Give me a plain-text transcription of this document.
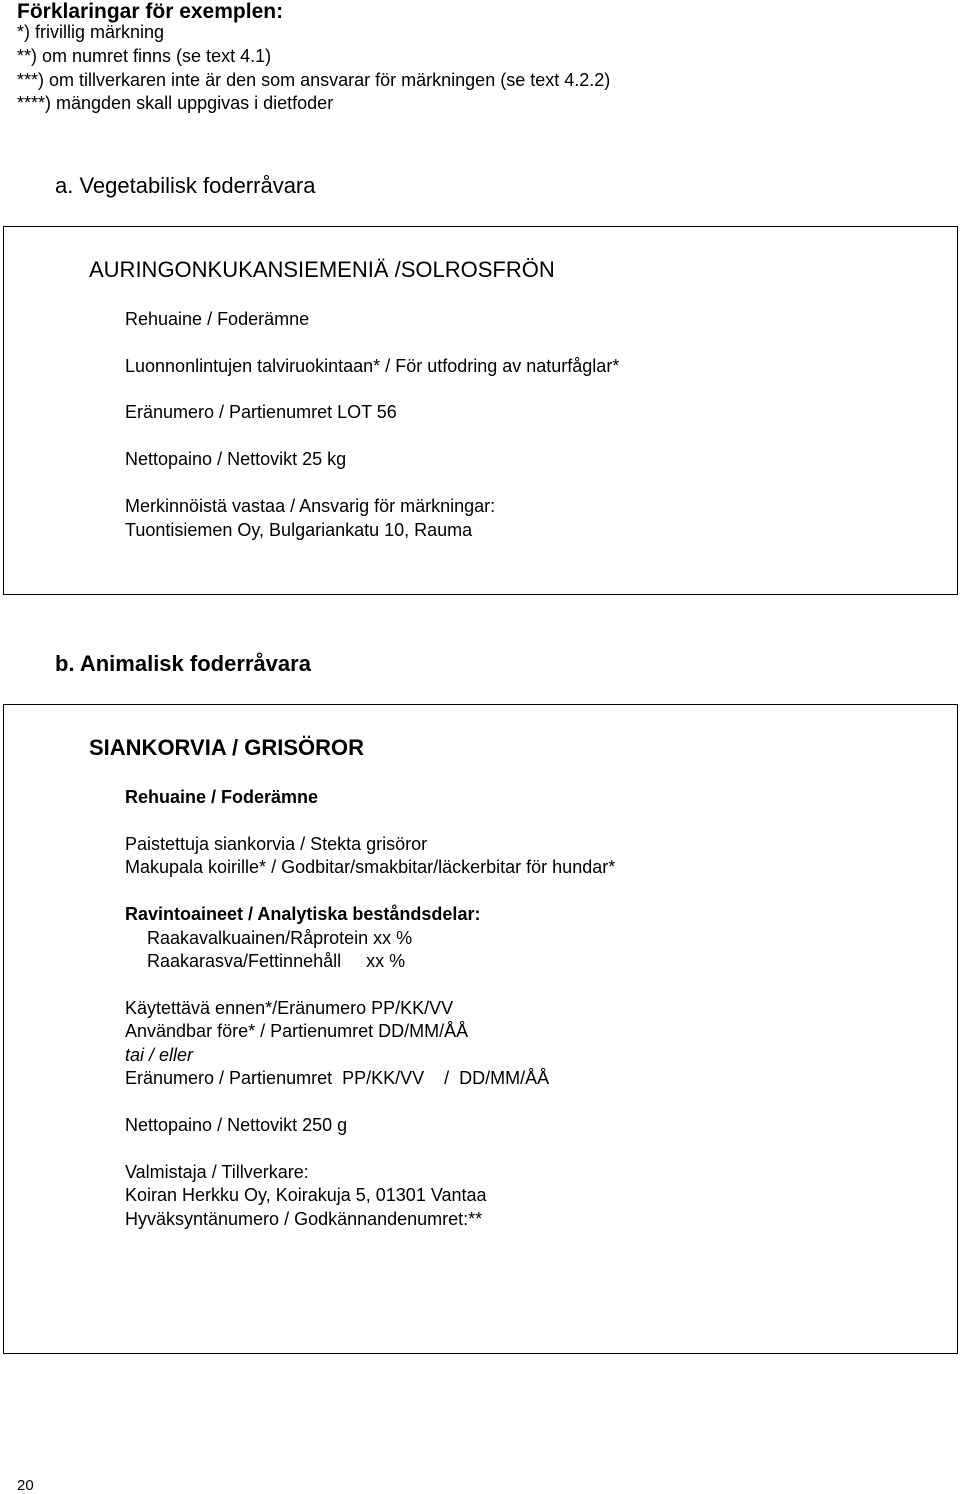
Förklaringar för exemplen:
*) frivillig märkning
**) om numret finns (se text 4.1)
***) om tillverkaren inte är den som ansvarar för märkningen (se text 4.2.2)
****) mängden skall uppgivas i dietfoder
a. Vegetabilisk foderråvara
AURINGONKUKANSIEMENIÄ /SOLROSFRÖN
Rehuaine / Foderämne
Luonnonlintujen talviruokintaan* / För utfodring av naturfåglar*
Eränumero / Partienumret LOT 56
Nettopaino / Nettovikt 25 kg
Merkinnöistä vastaa / Ansvarig för märkningar:
Tuontisiemen Oy, Bulgariankatu 10, Rauma
b. Animalisk foderråvara
SIANKORVIA / GRISÖROR
Rehuaine / Foderämne
Paistettuja siankorvia / Stekta grisöror
Makupala koirille* / Godbitar/smakbitar/läckerbitar för hundar*
Ravintoaineet / Analytiska beståndsdelar:
Raakavalkuainen/Råprotein xx %
Raakarasva/Fettinnehåll     xx %
Käytettävä ennen*/Eränumero PP/KK/VV
Användbar före* / Partienumret DD/MM/ÅÅ
tai / eller
Eränumero / Partienumret  PP/KK/VV    /  DD/MM/ÅÅ
Nettopaino / Nettovikt 250 g
Valmistaja / Tillverkare:
Koiran Herkku Oy, Koirakuja 5, 01301 Vantaa
Hyväksyntänumero / Godkännandenumret:**
20
